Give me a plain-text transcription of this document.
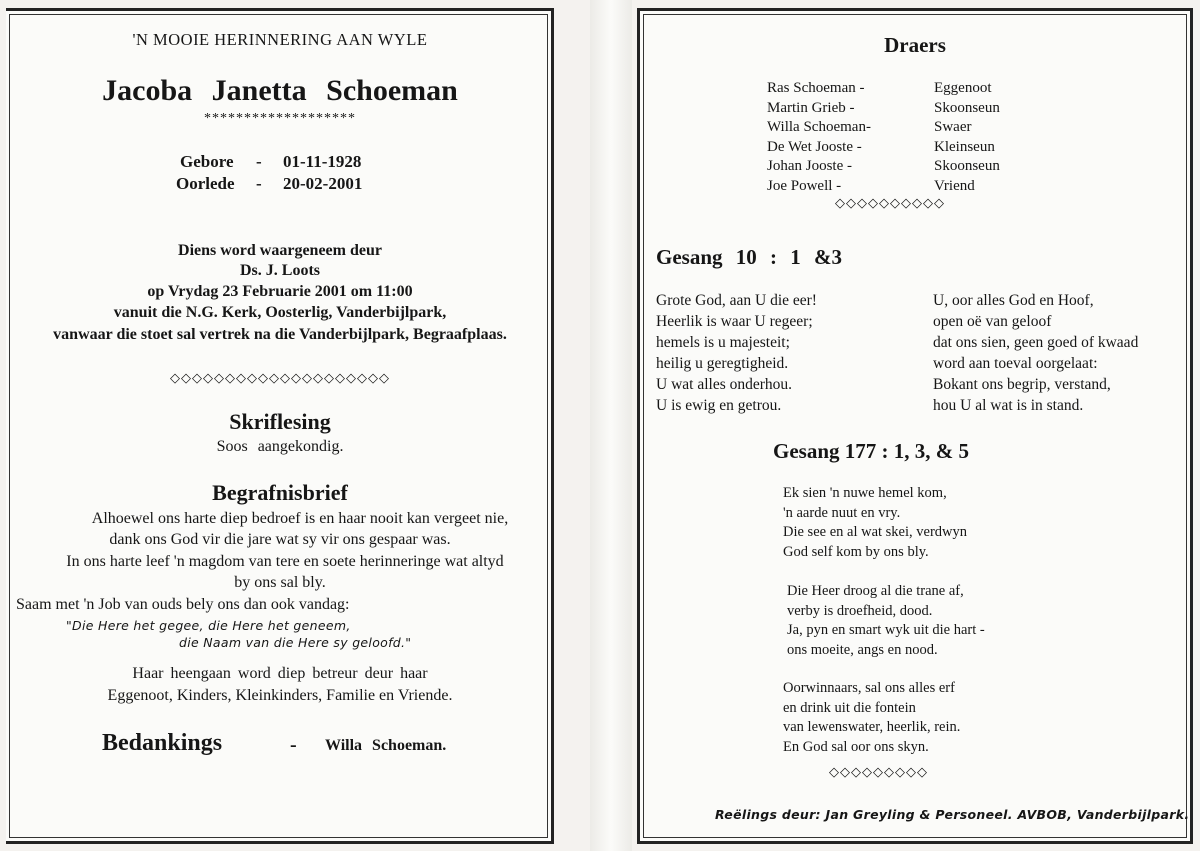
'N MOOIE HERINNERING AAN WYLE
Jacoba Janetta Schoeman
*******************
Gebore - 01-11-1928
Oorlede - 20-02-2001
Diens word waargeneem deur
Ds. J. Loots
op Vrydag 23 Februarie 2001 om 11:00
vanuit die N.G. Kerk, Oosterlig, Vanderbijlpark,
vanwaar die stoet sal vertrek na die Vanderbijlpark, Begraafplaas.
◇◇◇◇◇◇◇◇◇◇◇◇◇◇◇◇◇◇◇◇
Skriflesing
Soos aangekondig.
Begrafnisbrief
Alhoewel ons harte diep bedroef is en haar nooit kan vergeet nie,
dank ons God vir die jare wat sy vir ons gespaar was.
In ons harte leef 'n magdom van tere en soete herinneringe wat altyd
by ons sal bly.
Saam met 'n Job van ouds bely ons dan ook vandag:
"Die Here het gegee, die Here het geneem,
die Naam van die Here sy geloofd."
Haar heengaan word diep betreur deur haar
Eggenoot, Kinders, Kleinkinders, Familie en Vriende.
Bedankings	- Willa Schoeman.
Draers
Ras Schoeman -
Martin Grieb -
Willa Schoeman-
De Wet Jooste -
Johan Jooste -
Joe Powell -
Eggenoot
Skoonseun
Swaer
Kleinseun
Skoonseun
Vriend
◇◇◇◇◇◇◇◇◇◇
Gesang 10 : 1 &3
Grote God, aan U die eer!
Heerlik is waar U regeer;
hemels is u majesteit;
heilig u geregtigheid.
U wat alles onderhou.
U is ewig en getrou.
U, oor alles God en Hoof,
open oë van geloof
dat ons sien, geen goed of kwaad
word aan toeval oorgelaat:
Bokant ons begrip, verstand,
hou U al wat is in stand.
Gesang 177 : 1, 3, & 5
Ek sien 'n nuwe hemel kom,
'n aarde nuut en vry.
Die see en al wat skei, verdwyn
God self kom by ons bly.
Die Heer droog al die trane af,
verby is droefheid, dood.
Ja, pyn en smart wyk uit die hart -
ons moeite, angs en nood.
Oorwinnaars, sal ons alles erf
en drink uit die fontein
van lewenswater, heerlik, rein.
En God sal oor ons skyn.
◇◇◇◇◇◇◇◇◇
Reëlings deur: Jan Greyling & Personeel. AVBOB, Vanderbijlpark.
